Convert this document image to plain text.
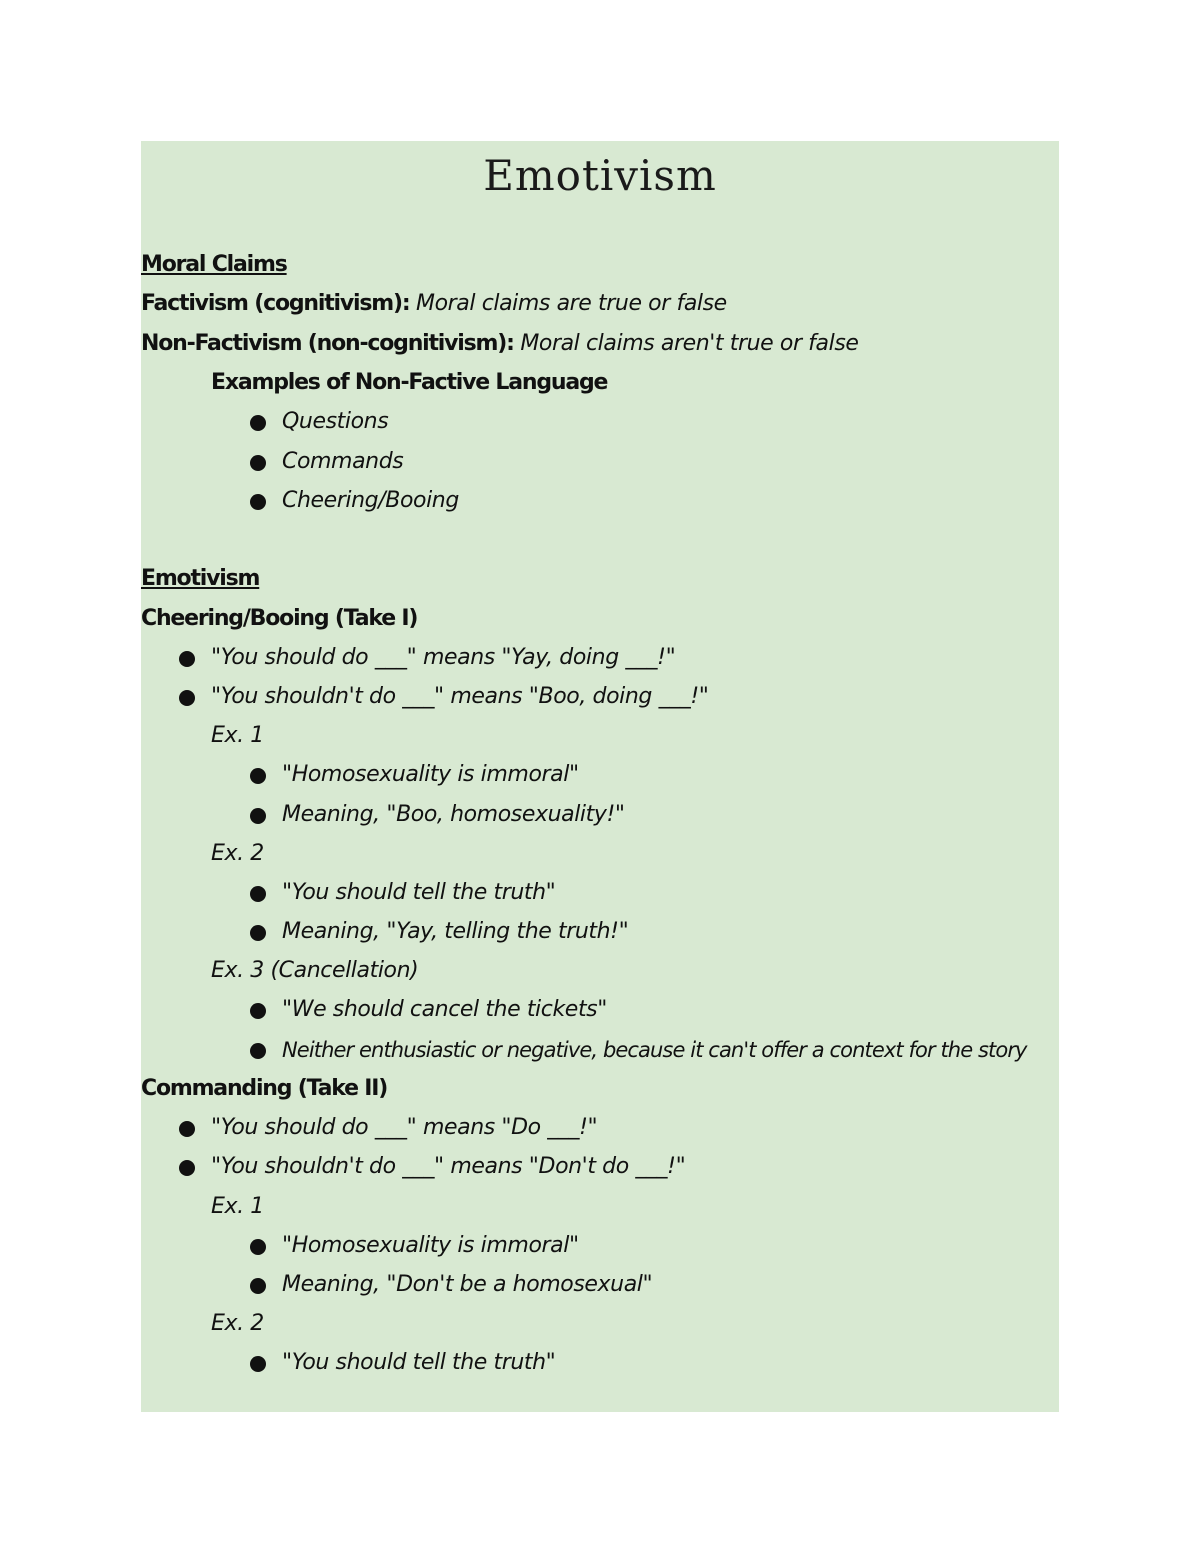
Emotivism
Moral Claims
Factivism (cognitivism): Moral claims are true or false
Non-Factivism (non-cognitivism): Moral claims aren't true or false
Examples of Non-Factive Language
Questions
Commands
Cheering/Booing
Emotivism
Cheering/Booing (Take I)
"You should do ___" means "Yay, doing ___!"
"You shouldn't do ___" means "Boo, doing ___!"
Ex. 1
"Homosexuality is immoral"
Meaning, "Boo, homosexuality!"
Ex. 2
"You should tell the truth"
Meaning, "Yay, telling the truth!"
Ex. 3 (Cancellation)
"We should cancel the tickets"
Neither enthusiastic or negative, because it can't offer a context for the story
Commanding (Take II)
"You should do ___" means "Do ___!"
"You shouldn't do ___" means "Don't do ___!"
Ex. 1
"Homosexuality is immoral"
Meaning, "Don't be a homosexual"
Ex. 2
"You should tell the truth"
